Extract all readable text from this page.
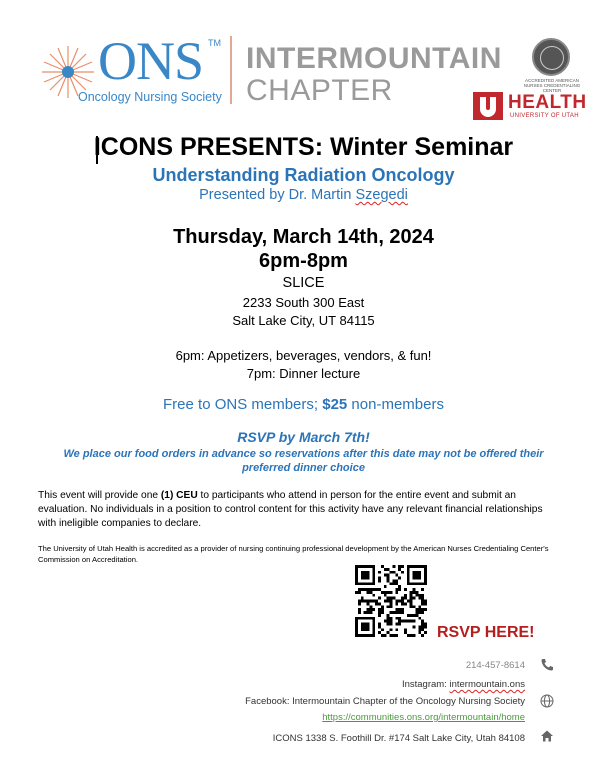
ONS TM
Oncology Nursing Society
INTERMOUNTAIN
CHAPTER	ACCREDITED AMERICAN NURSES CREDENTIALING CENTER
HEALTH
UNIVERSITY OF UTAH
ICONS PRESENTS: Winter Seminar
Understanding Radiation Oncology
Presented by Dr. Martin Szegedi
Thursday, March 14th, 2024
6pm-8pm
SLICE
2233 South 300 East
Salt Lake City, UT 84115
6pm: Appetizers, beverages, vendors, & fun!
7pm: Dinner lecture
Free to ONS members; $25 non-members
RSVP by March 7th!
We place our food orders in advance so reservations after this date may not be offered their preferred dinner choice
This event will provide one (1) CEU to participants who attend in person for the entire event and submit an evaluation. No individuals in a position to control content for this activity have any relevant financial relationships with ineligible companies to declare.
The University of Utah Health is accredited as a provider of nursing continuing professional development by the American Nurses Credentialing Center's Commission on Accreditation.
RSVP HERE!
214-457-8614
Instagram: intermountain.ons
Facebook: Intermountain Chapter of the Oncology Nursing Society
https://communities.ons.org/intermountain/home
ICONS 1338 S. Foothill Dr. #174 Salt Lake City, Utah 84108
